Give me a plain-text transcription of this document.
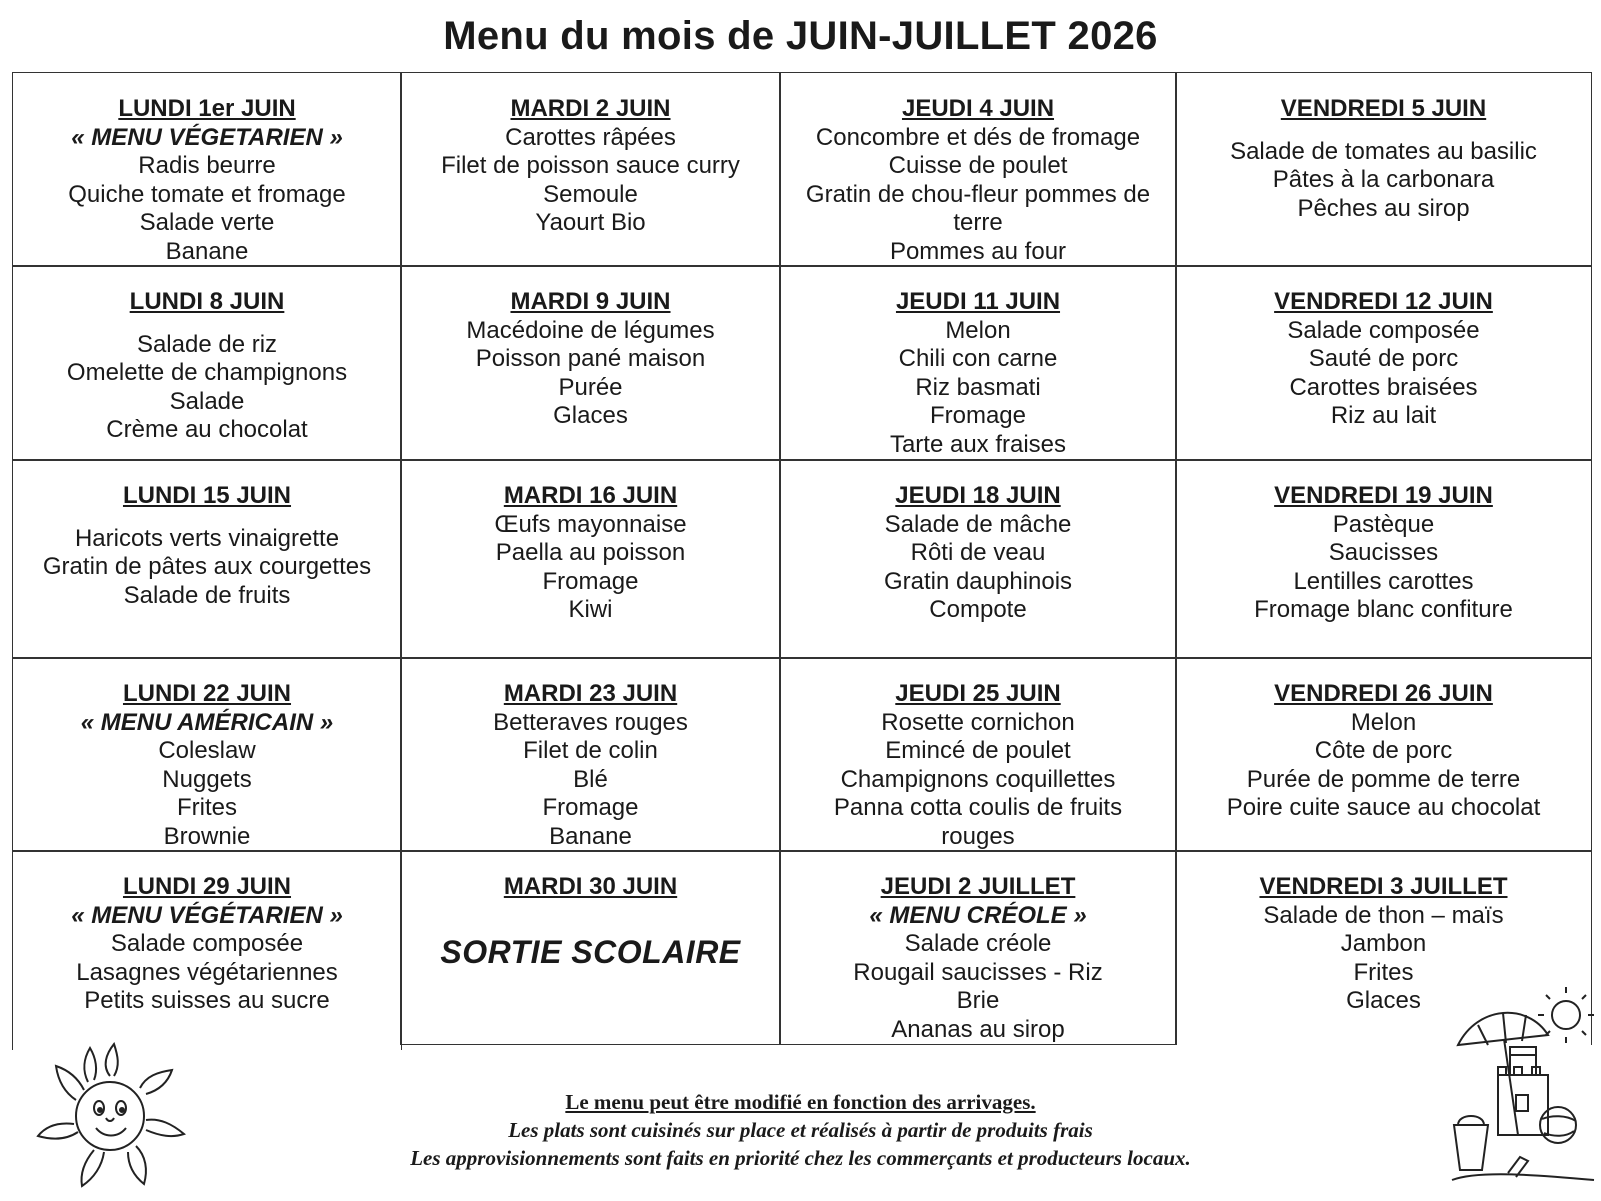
Menu du mois de JUIN-JUILLET 2026
LUNDI 1er JUIN
« MENU VÉGETARIEN »
Radis beurre
Quiche tomate et fromage
Salade verte
Banane
MARDI 2 JUIN
Carottes râpées
Filet de poisson sauce curry
Semoule
Yaourt Bio
JEUDI 4 JUIN
Concombre et dés de fromage
Cuisse de poulet
Gratin de chou-fleur pommes de
terre
Pommes au four
VENDREDI 5 JUIN
Salade de tomates au basilic
Pâtes à la carbonara
Pêches au sirop
LUNDI 8 JUIN
Salade de riz
Omelette de champignons
Salade
Crème au chocolat
MARDI 9 JUIN
Macédoine de légumes
Poisson pané maison
Purée
Glaces
JEUDI 11 JUIN
Melon
Chili con carne
Riz basmati
Fromage
Tarte aux fraises
VENDREDI 12 JUIN
Salade composée
Sauté de porc
Carottes braisées
Riz au lait
LUNDI 15 JUIN
Haricots verts vinaigrette
Gratin de pâtes aux courgettes
Salade de fruits
MARDI 16 JUIN
Œufs mayonnaise
Paella au poisson
Fromage
Kiwi
JEUDI 18 JUIN
Salade de mâche
Rôti de veau
Gratin dauphinois
Compote
VENDREDI 19 JUIN
Pastèque
Saucisses
Lentilles carottes
Fromage blanc confiture
LUNDI 22 JUIN
« MENU AMÉRICAIN »
Coleslaw
Nuggets
Frites
Brownie
MARDI 23 JUIN
Betteraves rouges
Filet de colin
Blé
Fromage
Banane
JEUDI 25 JUIN
Rosette cornichon
Emincé de poulet
Champignons coquillettes
Panna cotta coulis de fruits
rouges
VENDREDI 26 JUIN
Melon
Côte de porc
Purée de pomme de terre
Poire cuite sauce au chocolat
LUNDI 29 JUIN
« MENU VÉGÉTARIEN »
Salade composée
Lasagnes végétariennes
Petits suisses au sucre
MARDI 30 JUIN
SORTIE SCOLAIRE
JEUDI 2 JUILLET
« MENU CRÉOLE »
Salade créole
Rougail saucisses - Riz
Brie
Ananas au sirop
VENDREDI 3 JUILLET
Salade de thon – maïs
Jambon
Frites
Glaces
Le menu peut être modifié en fonction des arrivages.
Les plats sont cuisinés sur place et réalisés à partir de produits frais
Les approvisionnements sont faits en priorité chez les commerçants et producteurs locaux.
